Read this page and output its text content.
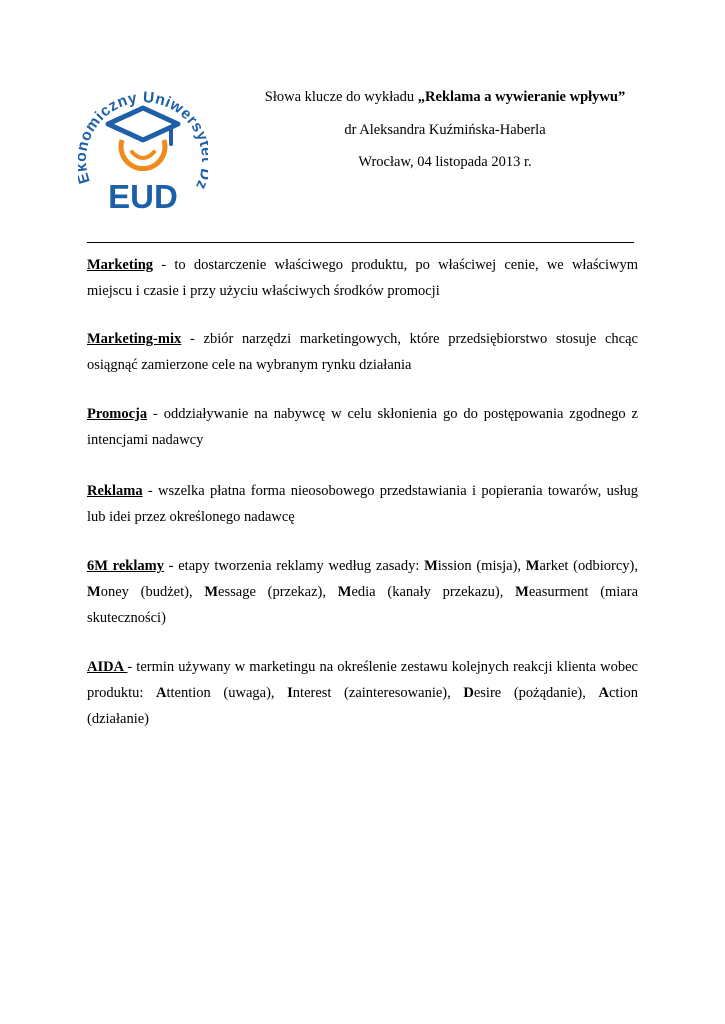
omiczny Uniwers
EUD
Słowa klucze do wykładu „Reklama a wywieranie wpływu”
dr Aleksandra Kuźmińska-Haberla
Wrocław, 04 listopada 2013 r.
Marketing - to dostarczenie właściwego produktu, po właściwej cenie, we właściwym miejscu i czasie i przy użyciu właściwych środków promocji
Marketing-mix - zbiór narzędzi marketingowych, które przedsiębiorstwo stosuje chcąc osiągnąć zamierzone cele na wybranym rynku działania
Promocja - oddziaływanie na nabywcę w celu skłonienia go do postępowania zgodnego z intencjami nadawcy
Reklama - wszelka płatna forma nieosobowego przedstawiania i popierania towarów, usług lub idei przez określonego nadawcę
6M reklamy - etapy tworzenia reklamy według zasady: Mission (misja), Market (odbiorcy), Money (budżet), Message (przekaz), Media (kanały przekazu), Measurment (miara skuteczności)
AIDA - termin używany w marketingu na określenie zestawu kolejnych reakcji klienta wobec produktu: Attention (uwaga), Interest (zainteresowanie), Desire (pożądanie), Action (działanie)
